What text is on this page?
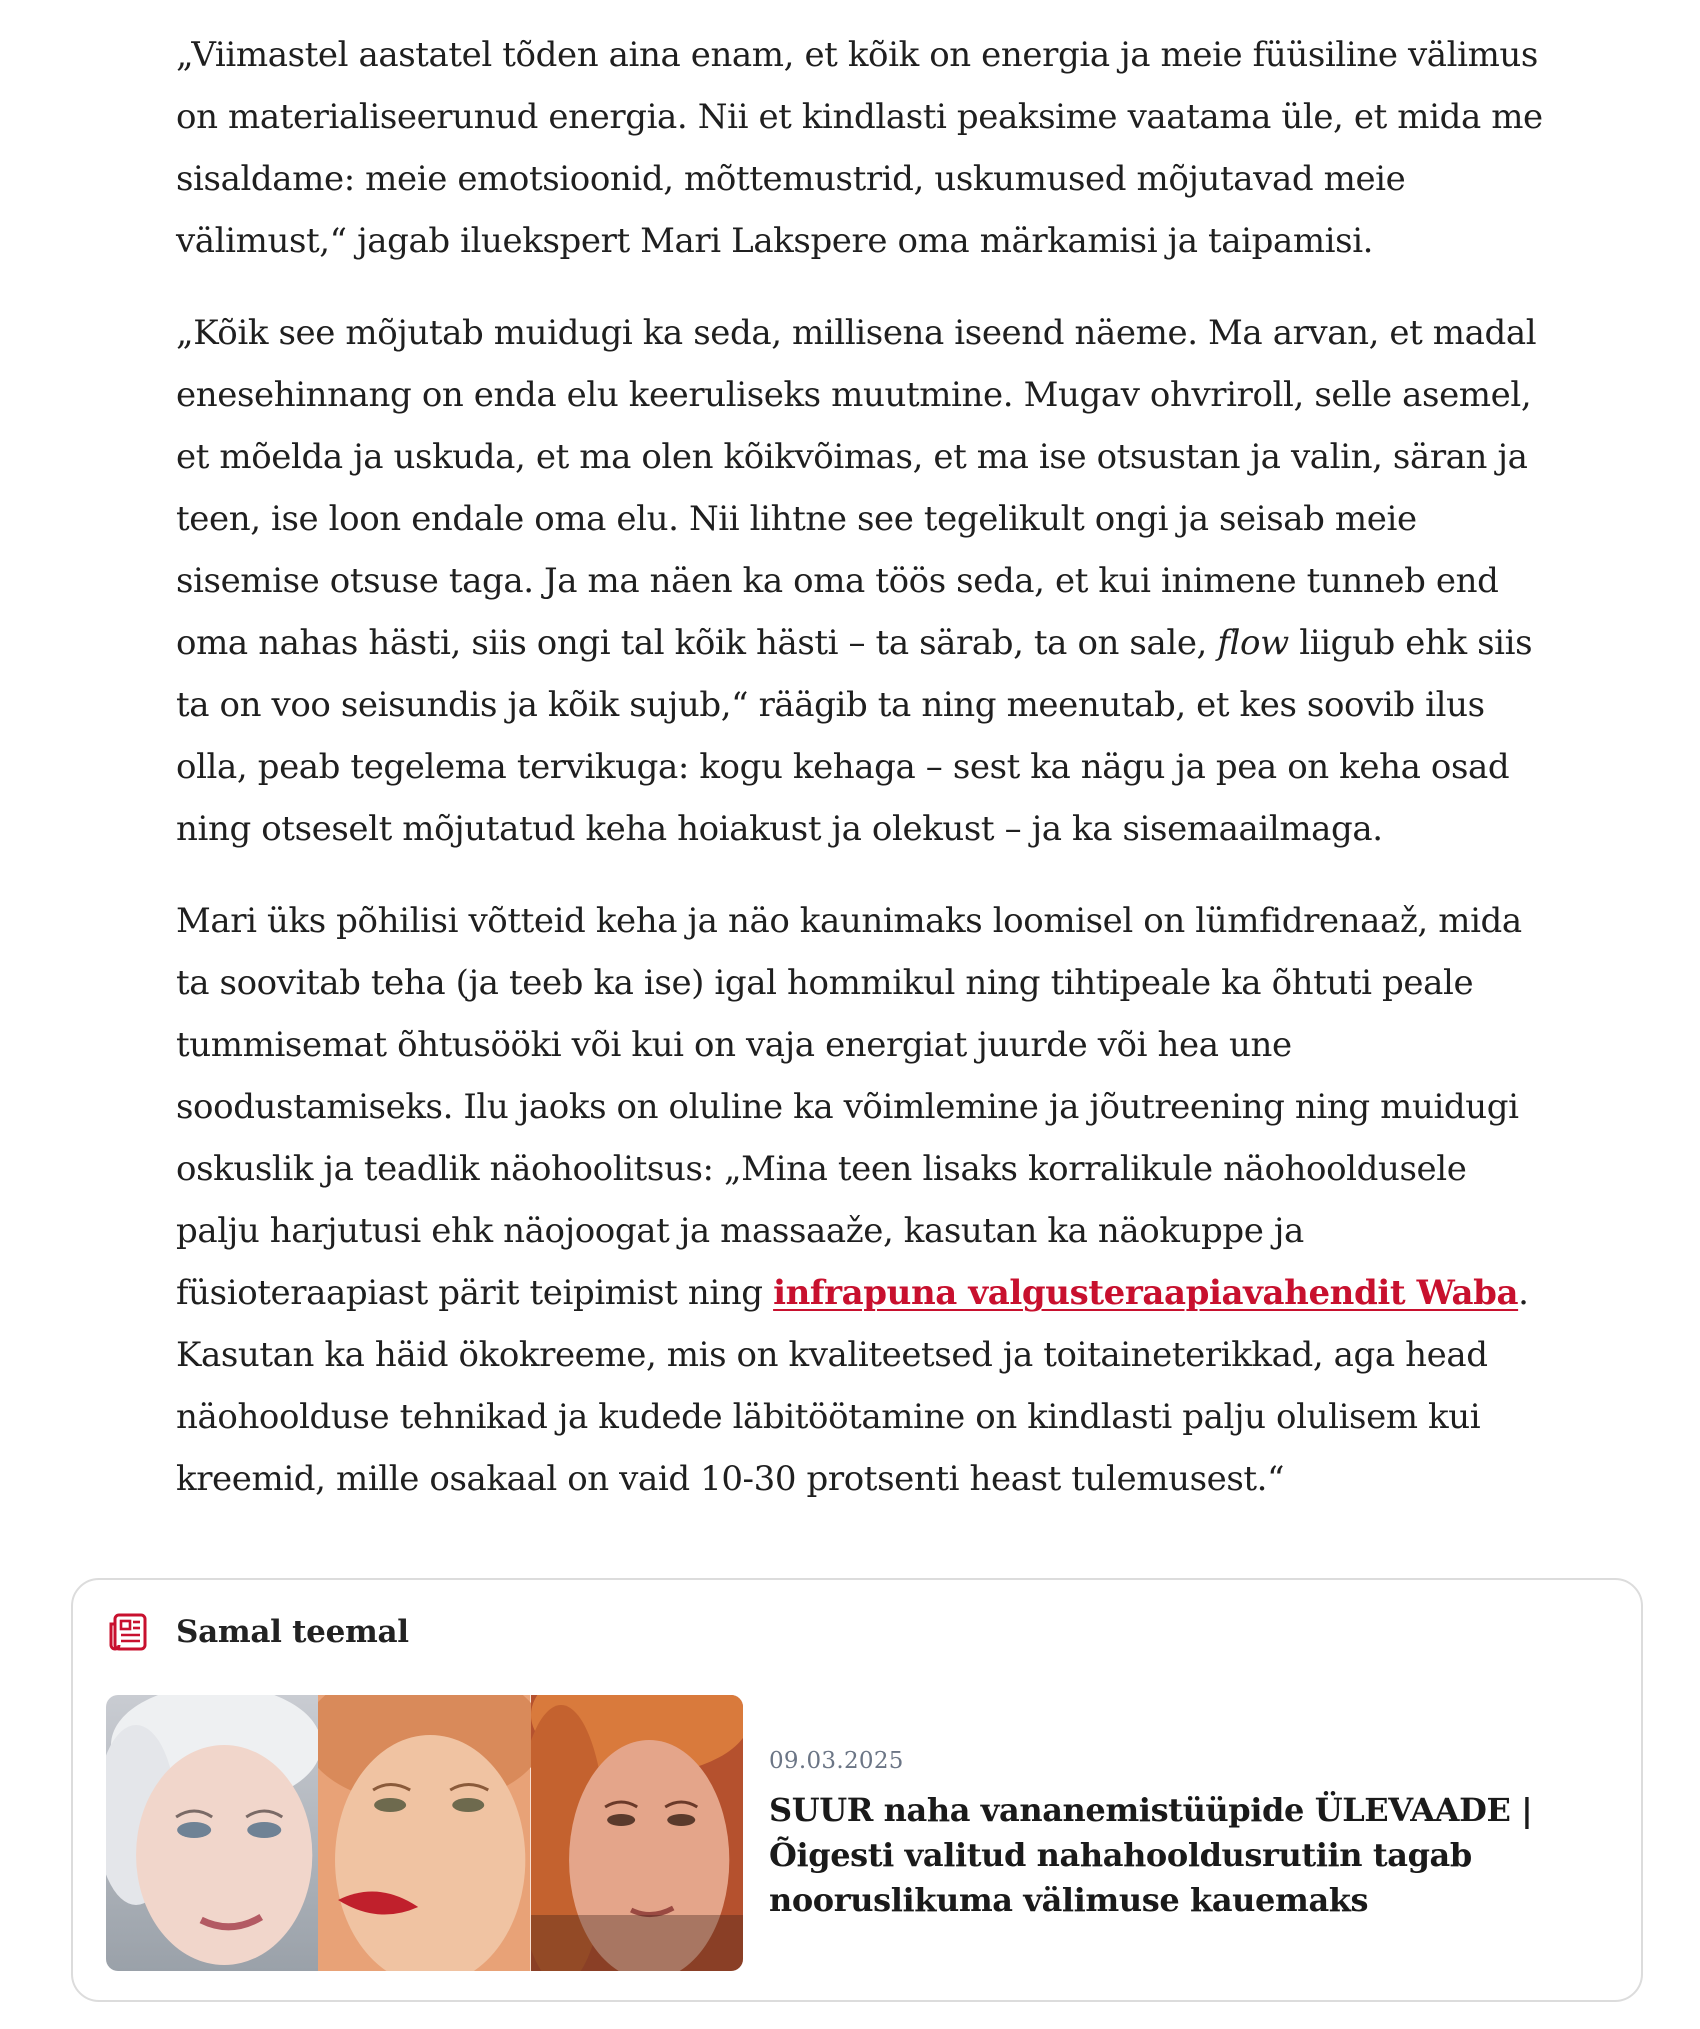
„Viimastel aastatel tõden aina enam, et kõik on energia ja meie füüsiline välimus on materialiseerunud energia. Nii et kindlasti peaksime vaatama üle, et mida me sisaldame: meie emotsioonid, mõttemustrid, uskumused mõjutavad meie välimust,“ jagab iluekspert Mari Lakspere oma märkamisi ja taipamisi.

„Kõik see mõjutab muidugi ka seda, millisena iseend näeme. Ma arvan, et madal enesehinnang on enda elu keeruliseks muutmine. Mugav ohvriroll, selle asemel, et mõelda ja uskuda, et ma olen kõikvõimas, et ma ise otsustan ja valin, säran ja teen, ise loon endale oma elu. Nii lihtne see tegelikult ongi ja seisab meie sisemise otsuse taga. Ja ma näen ka oma töös seda, et kui inimene tunneb end oma nahas hästi, siis ongi tal kõik hästi – ta särab, ta on sale, flow liigub ehk siis ta on voo seisundis ja kõik sujub,“ räägib ta ning meenutab, et kes soovib ilus olla, peab tegelema tervikuga: kogu kehaga – sest ka nägu ja pea on keha osad ning otseselt mõjutatud keha hoiakust ja olekust – ja ka sisemaailmaga.

Mari üks põhilisi võtteid keha ja näo kaunimaks loomisel on lümfidrenaaž, mida ta soovitab teha (ja teeb ka ise) igal hommikul ning tihtipeale ka õhtuti peale tummisemat õhtusööki või kui on vaja energiat juurde või hea une soodustamiseks. Ilu jaoks on oluline ka võimlemine ja jõutreening ning muidugi oskuslik ja teadlik näohoolitsus: „Mina teen lisaks korralikule näohooldusele palju harjutusi ehk näojoogat ja massaaže, kasutan ka näokuppe ja füsioteraapiast pärit teipimist ning infrapuna valgusteraapiavahendit Waba. Kasutan ka häid ökokreeme, mis on kvaliteetsed ja toitaineterikkad, aga head näohoolduse tehnikad ja kudede läbitöötamine on kindlasti palju olulisem kui kreemid, mille osakaal on vaid 10-30 protsenti heast tulemusest.“

Samal teemal
09.03.2025
SUUR naha vananemistüüpide ÜLEVAADE | Õigesti valitud nahahooldusrutiin tagab nooruslikuma välimuse kauemaks
